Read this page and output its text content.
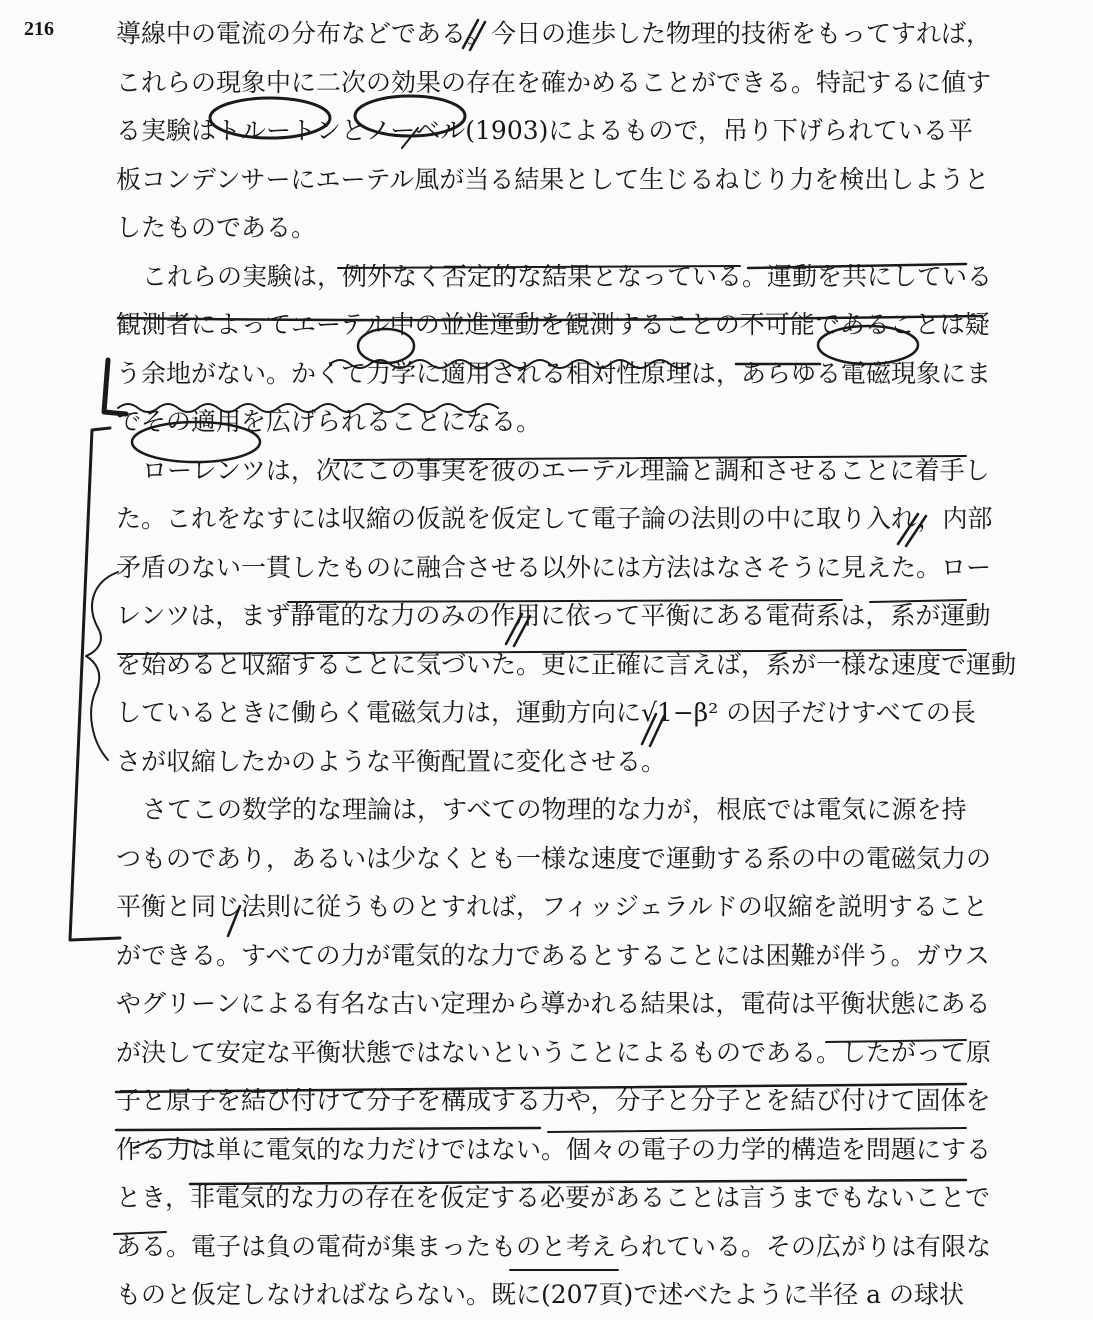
216 導線中の電流の分布などである。今日の進歩した物理的技術をもってすれば，
これらの現象中に二次の効果の存在を確かめることができる。特記するに値す
る実験はトルートンとノーベル(1903)によるもので，吊り下げられている平
板コンデンサーにエーテル風が当る結果として生じるねじり力を検出しようと
したものである。
これらの実験は，例外なく否定的な結果となっている。運動を共にしている
観測者によってエーテル中の並進運動を観測することの不可能であることは疑
う余地がない。かくて力学に適用される相対性原理は，あらゆる電磁現象にま
でその適用を広げられることになる。
ローレンツは，次にこの事実を彼のエーテル理論と調和させることに着手し
た。これをなすには収縮の仮説を仮定して電子論の法則の中に取り入れ，内部
矛盾のない一貫したものに融合させる以外には方法はなさそうに見えた。ロー
レンツは，まず静電的な力のみの作用に依って平衡にある電荷系は，系が運動
を始めると収縮することに気づいた。更に正確に言えば，系が一様な速度で運動
しているときに働らく電磁気力は，運動方向に√1−β² の因子だけすべての長
さが収縮したかのような平衡配置に変化させる。
さてこの数学的な理論は，すべての物理的な力が，根底では電気に源を持
つものであり，あるいは少なくとも一様な速度で運動する系の中の電磁気力の
平衡と同じ法則に従うものとすれば，フィッジェラルドの収縮を説明すること
ができる。すべての力が電気的な力であるとすることには困難が伴う。ガウス
やグリーンによる有名な古い定理から導かれる結果は，電荷は平衡状態にある
が決して安定な平衡状態ではないということによるものである。したがって原
子と原子を結び付けて分子を構成する力や，分子と分子とを結び付けて固体を
作る力は単に電気的な力だけではない。個々の電子の力学的構造を問題にする
とき，非電気的な力の存在を仮定する必要があることは言うまでもないことで
ある。電子は負の電荷が集まったものと考えられている。その広がりは有限な
ものと仮定しなければならない。既に(207頁)で述べたように半径 a の球状
